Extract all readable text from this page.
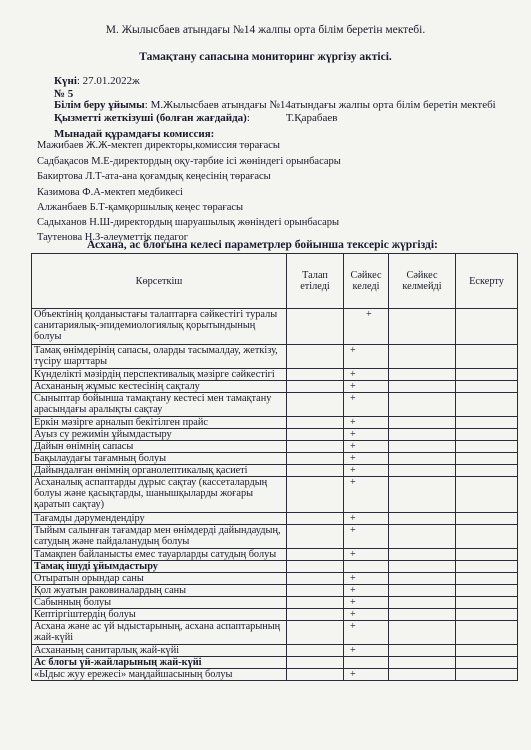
М. Жылысбаев атындағы №14 жалпы орта білім беретін мектебі.
Тамақтану сапасына мониторинг жүргізу актісі.
Күні: 27.01.2022ж
№ 5
Білім беру ұйымы: М.Жылысбаев атындағы №14атындағы жалпы орта білім беретін мектебі
Қызметті жеткізуші (болған жағдайда):	Т.Қарабаев
Мынадай құрамдағы комиссия:
Мажибаев Ж.Ж-мектеп директоры,комиссия төрағасы
Садбақасов М.Е-директордың оқу-тәрбие ісі жөніндегі орынбасары
Бакиртова Л.Т-ата-ана қоғамдық кеңесінің төрағасы
Казимова Ф.А-мектеп медбикесі
Алжанбаев Б.Т-қамқоршылық кеңес төрағасы
Садыханов Н.Ш-директордың шаруашылық жөніндегі орынбасары
Таутенова Н.З-әлеуметтік педагог
Асхана, ас блогына келесі параметрлер бойынша тексеріс жүргізді:
Көрсеткіш	Талап етіледі	Сәйкес келеді	Сәйкес келмейді	Ескерту
Объектінің қолданыстағы талаптарға сәйкестігі туралы санитариялық-эпидемиологиялық қорытындының болуы		+		
Тамақ өнімдерінің сапасы, оларды тасымалдау, жеткізу, түсіру шарттары		+		
Күнделікті мәзірдің перспективалық мәзірге сәйкестігі		+		
Асхананың жұмыс кестесінің сақталу		+		
Сыныптар бойынша тамақтану кестесі мен тамақтану арасындағы аралықты сақтау		+		
Еркін мәзірге арналып бекітілген прайс		+		
Ауыз су режимін ұйымдастыру		+		
Дайын өнімнің сапасы		+		
Бақылаудағы тағамның болуы		+		
Дайындалған өнімнің органолептикалық қасиеті		+		
Асханалық аспаптарды дұрыс сақтау (кассеталардың болуы және қасықтарды, шанышқыларды жоғары қаратып сақтау)		+		
Тағамды дәрумендендіру		+		
Тыйым салынған тағамдар мен өнімдерді дайындаудың, сатудың және пайдаланудың болуы		+		
Тамақпен байланысты емес тауарларды сатудың болуы		+		
Тамақ ішуді ұйымдастыру				
Отыратын орындар саны		+		
Қол жуатын раковиналардың саны		+		
Сабынның болуы		+		
Кептіргіштердің болуы		+		
Асхана және ас үй ыдыстарының, асхана аспаптарының жай-күйі		+		
Асхананың санитарлық жай-күйі		+		
Ас блогы үй-жайларының жай-күйі				
«Ыдыс жуу ережесі» маңдайшасының болуы		+		
